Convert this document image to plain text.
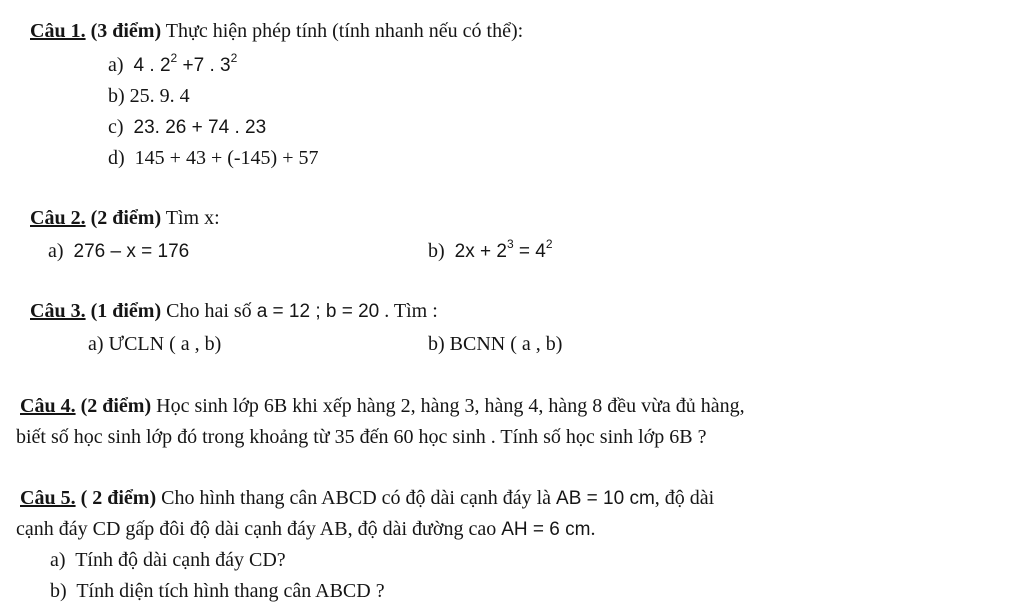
Câu 1. (3 điểm) Thực hiện phép tính (tính nhanh nếu có thể):
a) 4 . $2^2 +7$ . $3^2$
b) 25. 9. 4
c) 23. 26 + 74 . 23
d) 145 + 43 + (-145) + 57
Câu 2. (2 điểm) Tìm x:
a) 276 – x = 176	b) $2x + 2^3 = 4^2$
Câu 3. (1 điểm) Cho hai số a = 12 ; b = 20 . Tìm :
a) ƯCLN ( a , b)	b) BCNN ( a , b)
Câu 4. (2 điểm) Học sinh lớp 6B khi xếp hàng 2, hàng 3, hàng 4, hàng 8 đều vừa đủ hàng,
biết số học sinh lớp đó trong khoảng từ 35 đến 60 học sinh . Tính số học sinh lớp 6B ?
Câu 5. ( 2 điểm) Cho hình thang cân ABCD có độ dài cạnh đáy là AB = 10 cm, độ dài
cạnh đáy CD gấp đôi độ dài cạnh đáy AB, độ dài đường cao AH = 6 cm.
a) Tính độ dài cạnh đáy CD?
b) Tính diện tích hình thang cân ABCD ?
